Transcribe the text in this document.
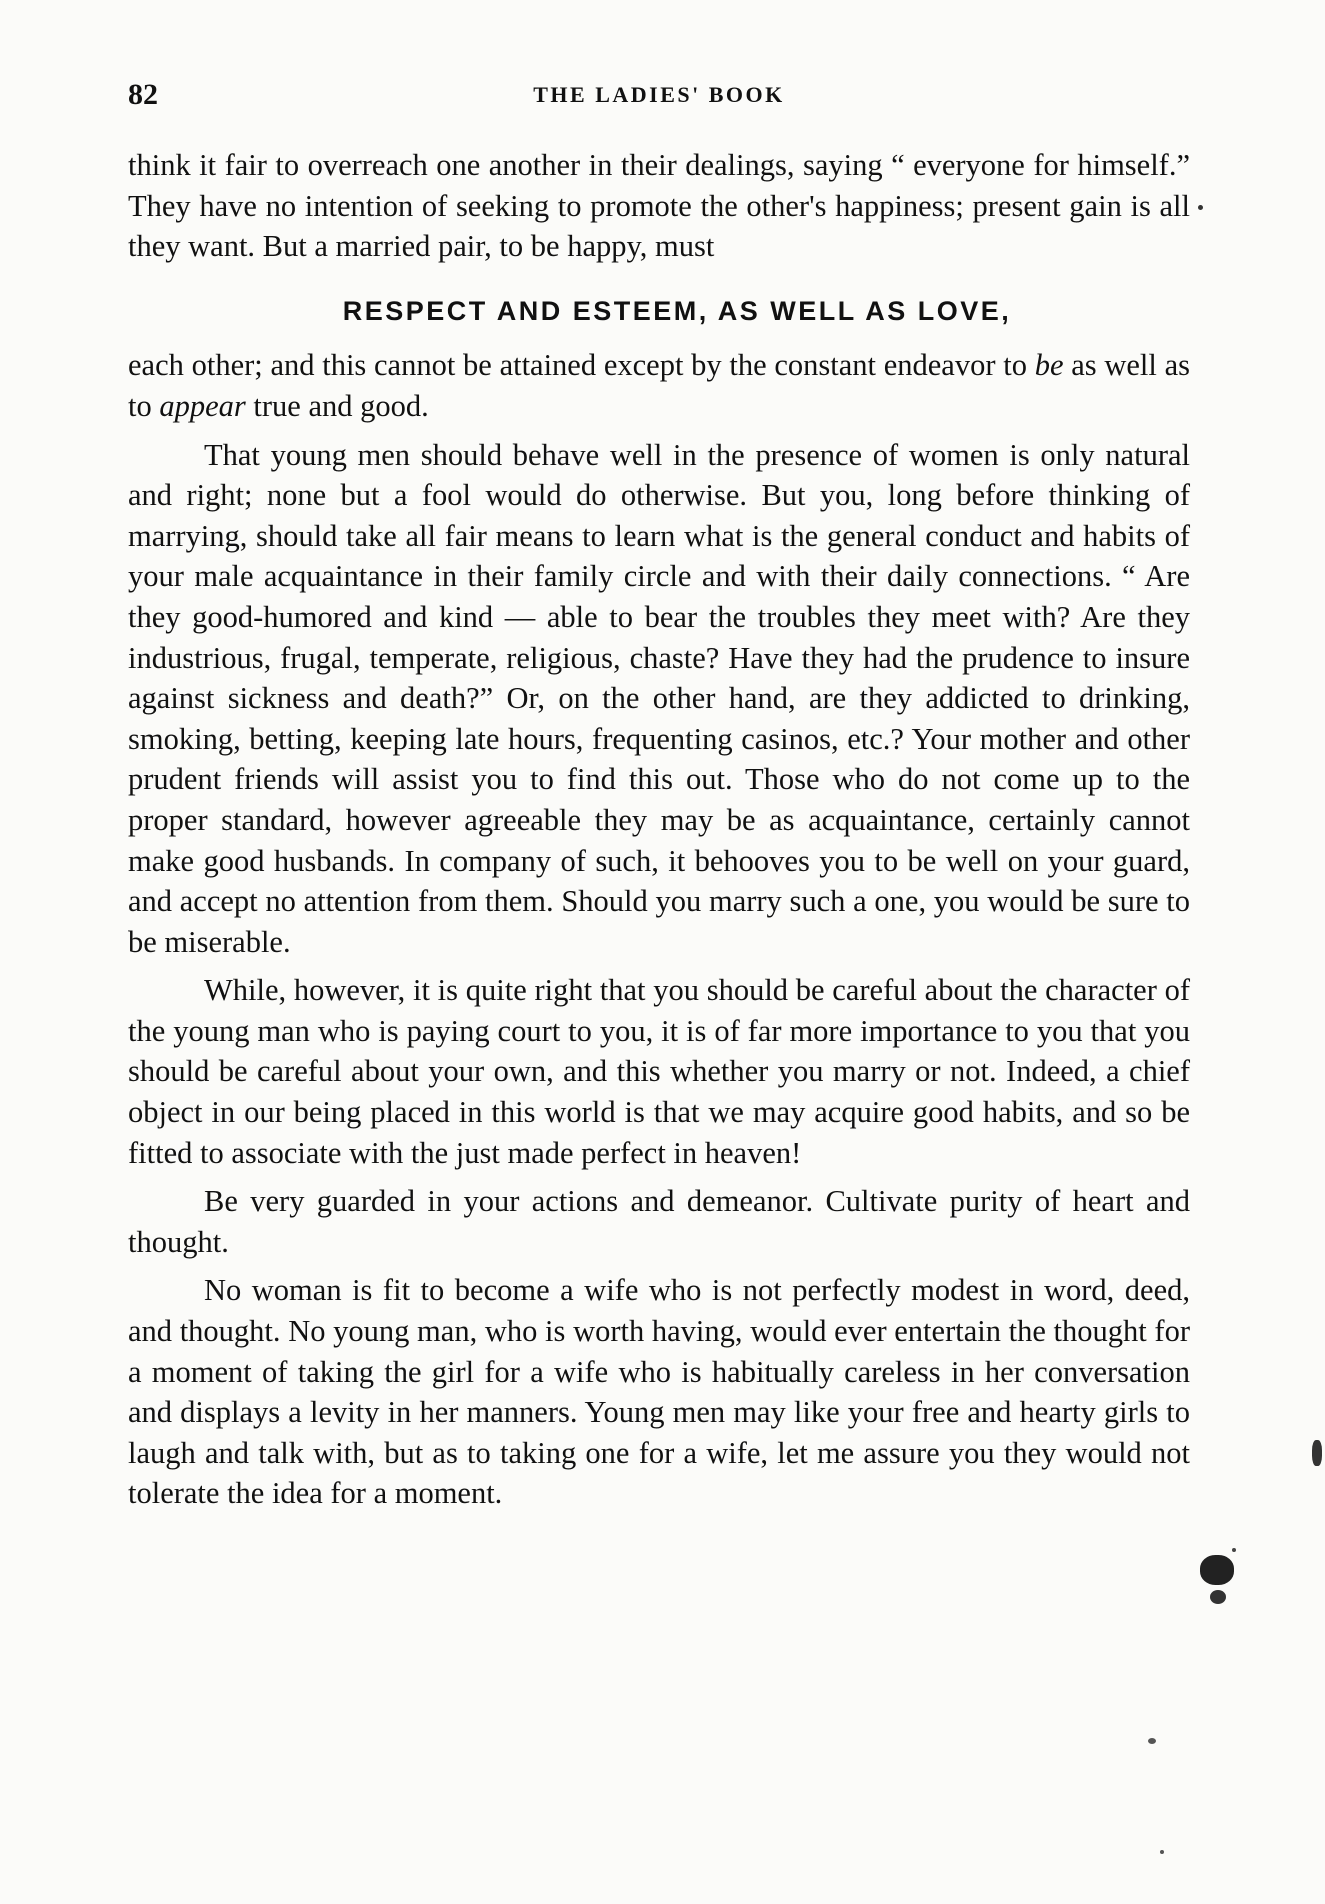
82	THE LADIES' BOOK

think it fair to overreach one another in their dealings, saying “ everyone for himself.” They have no intention of seeking to promote the other's happiness; present gain is all they want. But a married pair, to be happy, must

RESPECT AND ESTEEM, AS WELL AS LOVE,

each other; and this cannot be attained except by the constant endeavor to be as well as to appear true and good.

That young men should behave well in the presence of women is only natural and right; none but a fool would do otherwise. But you, long before thinking of marrying, should take all fair means to learn what is the general conduct and habits of your male acquaintance in their family circle and with their daily connections. “ Are they good-humored and kind — able to bear the troubles they meet with? Are they industrious, frugal, temperate, religious, chaste? Have they had the prudence to insure against sickness and death?” Or, on the other hand, are they addicted to drinking, smoking, betting, keeping late hours, frequenting casinos, etc.? Your mother and other prudent friends will assist you to find this out. Those who do not come up to the proper standard, however agreeable they may be as acquaintance, certainly cannot make good husbands. In company of such, it behooves you to be well on your guard, and accept no attention from them. Should you marry such a one, you would be sure to be miserable.

While, however, it is quite right that you should be careful about the character of the young man who is paying court to you, it is of far more importance to you that you should be careful about your own, and this whether you marry or not. Indeed, a chief object in our being placed in this world is that we may acquire good habits, and so be fitted to associate with the just made perfect in heaven!

Be very guarded in your actions and demeanor. Cultivate purity of heart and thought.

No woman is fit to become a wife who is not perfectly modest in word, deed, and thought. No young man, who is worth having, would ever entertain the thought for a moment of taking the girl for a wife who is habitually careless in her conversation and displays a levity in her manners. Young men may like your free and hearty girls to laugh and talk with, but as to taking one for a wife, let me assure you they would not tolerate the idea for a moment.
